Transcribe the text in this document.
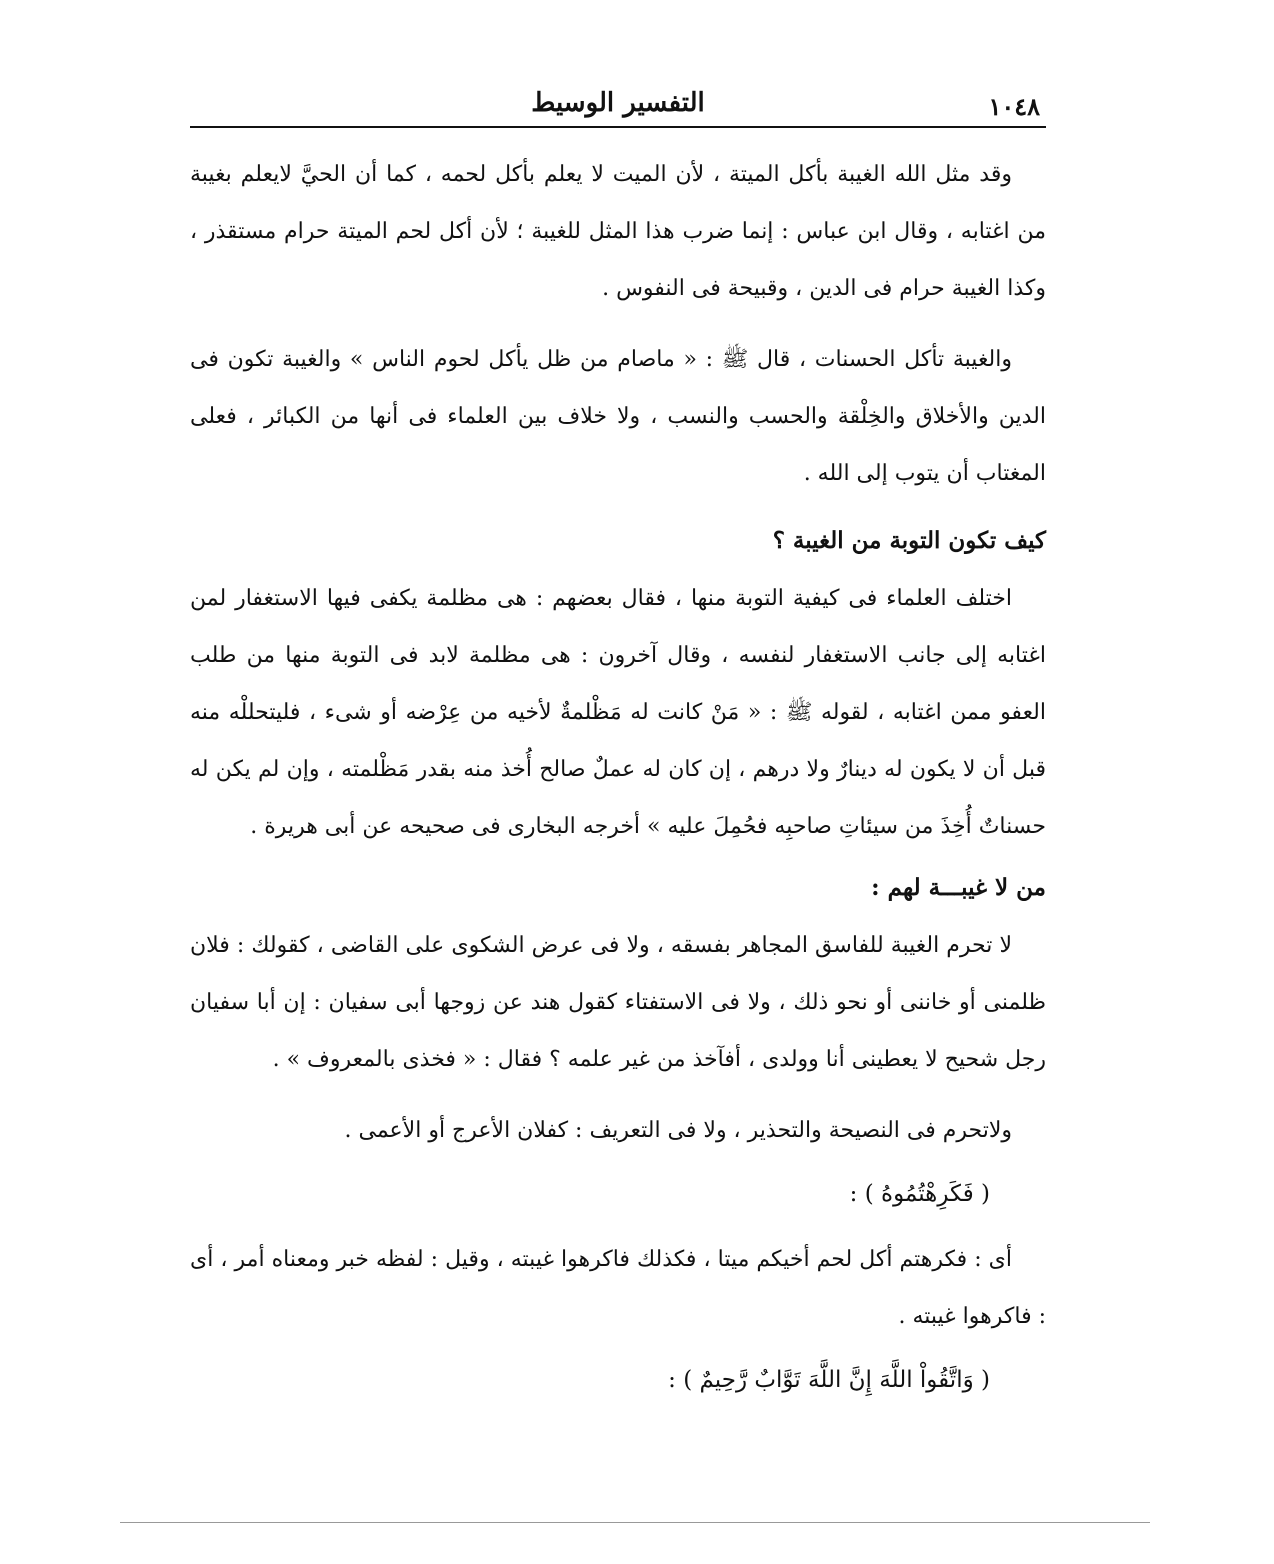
١٠٤٨
التفسير الوسيط

وقد مثل الله الغيبة بأكل الميتة ، لأن الميت لا يعلم بأكل لحمه ، كما أن الحيَّ لايعلم بغيبة من اغتابه ، وقال ابن عباس : إنما ضرب هذا المثل للغيبة ؛ لأن أكل لحم الميتة حرام مستقذر ، وكذا الغيبة حرام فى الدين ، وقبيحة فى النفوس .

والغيبة تأكل الحسنات ، قال ﷺ : « ماصام من ظل يأكل لحوم الناس » والغيبة تكون فى الدين والأخلاق والخِلْقة والحسب والنسب ، ولا خلاف بين العلماء فى أنها من الكبائر ، فعلى المغتاب أن يتوب إلى الله .

كيف تكون التوبة من الغيبة ؟

اختلف العلماء فى كيفية التوبة منها ، فقال بعضهم : هى مظلمة يكفى فيها الاستغفار لمن اغتابه إلى جانب الاستغفار لنفسه ، وقال آخرون : هى مظلمة لابد فى التوبة منها من طلب العفو ممن اغتابه ، لقوله ﷺ : « مَنْ كانت له مَظْلمةٌ لأخيه من عِرْضه أو شىء ، فليتحللْه منه قبل أن لا يكون له دينارٌ ولا درهم ، إن كان له عملٌ صالح أُخذ منه بقدر مَظْلمته ، وإن لم يكن له حسناتٌ أُخِذَ من سيئاتِ صاحبِه فحُمِلَ عليه » أخرجه البخارى فى صحيحه عن أبى هريرة .

من لا غيبـــة لهم :

لا تحرم الغيبة للفاسق المجاهر بفسقه ، ولا فى عرض الشكوى على القاضى ، كقولك : فلان ظلمنى أو خاننى أو نحو ذلك ، ولا فى الاستفتاء كقول هند عن زوجها أبى سفيان : إن أبا سفيان رجل شحيح لا يعطينى أنا وولدى ، أفآخذ من غير علمه ؟ فقال : « فخذى بالمعروف » .

ولاتحرم فى النصيحة والتحذير ، ولا فى التعريف : كفلان الأعرج أو الأعمى .

( فَكَرِهْتُمُوهُ ) :

أى : فكرهتم أكل لحم أخيكم ميتا ، فكذلك فاكرهوا غيبته ، وقيل : لفظه خبر ومعناه أمر ، أى : فاكرهوا غيبته .

( وَاتَّقُواْ اللَّهَ إِنَّ اللَّهَ تَوَّابٌ رَّحِيمٌ ) :
